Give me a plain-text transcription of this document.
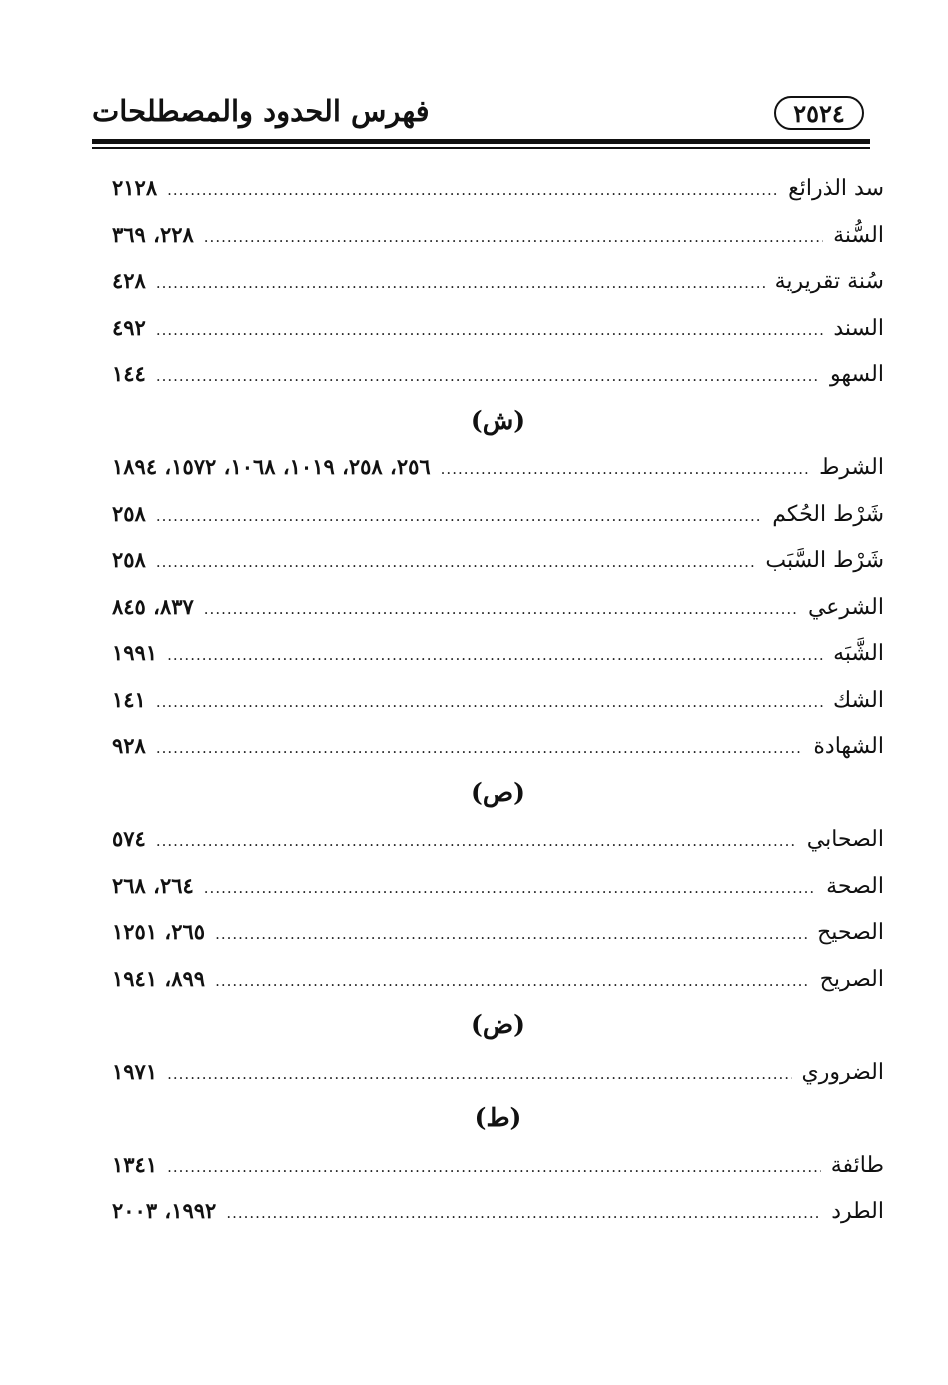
فهرس الحدود والمصطلحات	٢٥٢٤
سد الذرائع
.....
٢١٢٨
السُّنة
.....
٢٢٨، ٣٦٩
سُنة تقريرية
.....
٤٢٨
السند
.....
٤٩٢
السهو
.....
١٤٤
(ش)
الشرط
.....
٢٥٦، ٢٥٨، ١٠١٩، ١٠٦٨، ١٥٧٢، ١٨٩٤
شَرْط الحُكم
.....
٢٥٨
شَرْط السَّبَب
.....
٢٥٨
الشرعي
.....
٨٣٧، ٨٤٥
الشَّبَه
.....
١٩٩١
الشك
.....
١٤١
الشهادة
.....
٩٢٨
(ص)
الصحابي
.....
٥٧٤
الصحة
.....
٢٦٤، ٢٦٨
الصحيح
.....
٢٦٥، ١٢٥١
الصريح
.....
٨٩٩، ١٩٤١
(ض)
الضروري
.....
١٩٧١
(ط)
طائفة
.....
١٣٤١
الطرد
.....
١٩٩٢، ٢٠٠٣
